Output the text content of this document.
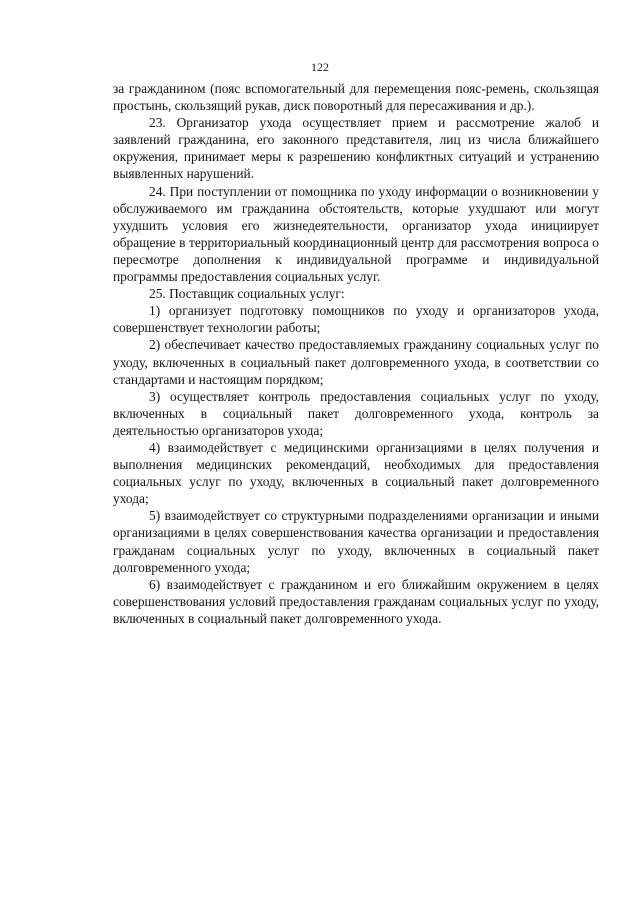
122

за гражданином (пояс вспомогательный для перемещения пояс-ремень, скользящая простынь, скользящий рукав, диск поворотный для пересаживания и др.).

23. Организатор ухода осуществляет прием и рассмотрение жалоб и заявлений гражданина, его законного представителя, лиц из числа ближайшего окружения, принимает меры к разрешению конфликтных ситуаций и устранению выявленных нарушений.

24. При поступлении от помощника по уходу информации о возникновении у обслуживаемого им гражданина обстоятельств, которые ухудшают или могут ухудшить условия его жизнедеятельности, организатор ухода инициирует обращение в территориальный координационный центр для рассмотрения вопроса о пересмотре дополнения к индивидуальной программе и индивидуальной программы предоставления социальных услуг.

25. Поставщик социальных услуг:

1) организует подготовку помощников по уходу и организаторов ухода, совершенствует технологии работы;

2) обеспечивает качество предоставляемых гражданину социальных услуг по уходу, включенных в социальный пакет долговременного ухода, в соответствии со стандартами и настоящим порядком;

3) осуществляет контроль предоставления социальных услуг по уходу, включенных в социальный пакет долговременного ухода, контроль за деятельностью организаторов ухода;

4) взаимодействует с медицинскими организациями в целях получения и выполнения медицинских рекомендаций, необходимых для предоставления социальных услуг по уходу, включенных в социальный пакет долговременного ухода;

5) взаимодействует со структурными подразделениями организации и иными организациями в целях совершенствования качества организации и предоставления гражданам социальных услуг по уходу, включенных в социальный пакет долговременного ухода;

6) взаимодействует с гражданином и его ближайшим окружением в целях совершенствования условий предоставления гражданам социальных услуг по уходу, включенных в социальный пакет долговременного ухода.
